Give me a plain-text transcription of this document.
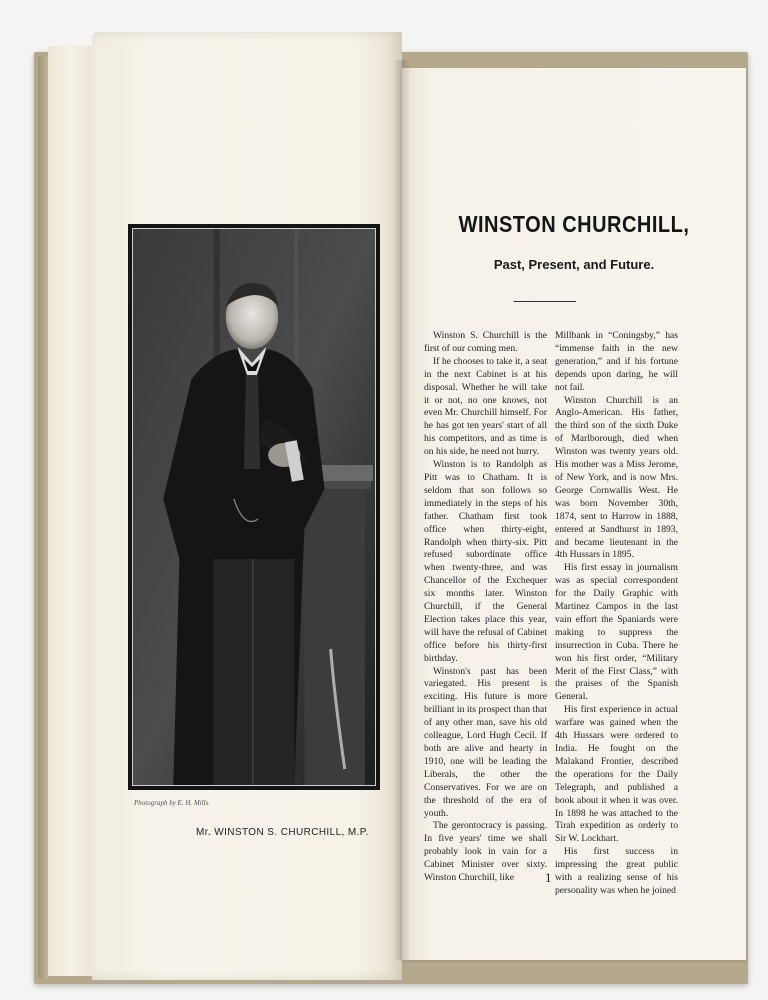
Photograph by E. H. Mills.
Mr. WINSTON S. CHURCHILL, M.P.
WINSTON CHURCHILL,
Past, Present, and Future.

Winston S. Churchill is the first of our coming men.

If he chooses to take it, a seat in the next Cabinet is at his disposal. Whether he will take it or not, no one knows, not even Mr. Churchill himself. For he has got ten years' start of all his competitors, and as time is on his side, he need not hurry.

Winston is to Randolph as Pitt was to Chatham. It is seldom that son follows so immediately in the steps of his father. Chatham first took office when thirty-eight, Randolph when thirty-six. Pitt refused subordinate office when twenty-three, and was Chancellor of the Exchequer six months later. Winston Churchill, if the General Election takes place this year, will have the refusal of Cabinet office before his thirty-first birthday.

Winston's past has been variegated. His present is exciting. His future is more brilliant in its prospect than that of any other man, save his old colleague, Lord Hugh Cecil. If both are alive and hearty in 1910, one will be leading the Liberals, the other the Conservatives. For we are on the threshold of the era of youth.

The gerontocracy is passing. In five years' time we shall probably look in vain for a Cabinet Minister over sixty. Winston Churchill, like

Millbank in “Coningsby,” has “immense faith in the new generation,” and if his fortune depends upon daring, he will not fail.

Winston Churchill is an Anglo-American. His father, the third son of the sixth Duke of Marlborough, died when Winston was twenty years old. His mother was a Miss Jerome, of New York, and is now Mrs. George Cornwallis West. He was born November 30th, 1874, sent to Harrow in 1888, entered at Sandhurst in 1893, and became lieutenant in the 4th Hussars in 1895.

His first essay in journalism was as special correspondent for the Daily Graphic with Martinez Campos in the last vain effort the Spaniards were making to suppress the insurrection in Cuba. There he won his first order, “Military Merit of the First Class,” with the praises of the Spanish General.

His first experience in actual warfare was gained when the 4th Hussars were ordered to India. He fought on the Malakand Frontier, described the operations for the Daily Telegraph, and published a book about it when it was over. In 1898 he was attached to the Tirah expedition as orderly to Sir W. Lockhart.

His first success in impressing the great public with a realizing sense of his personality was when he joined

1
